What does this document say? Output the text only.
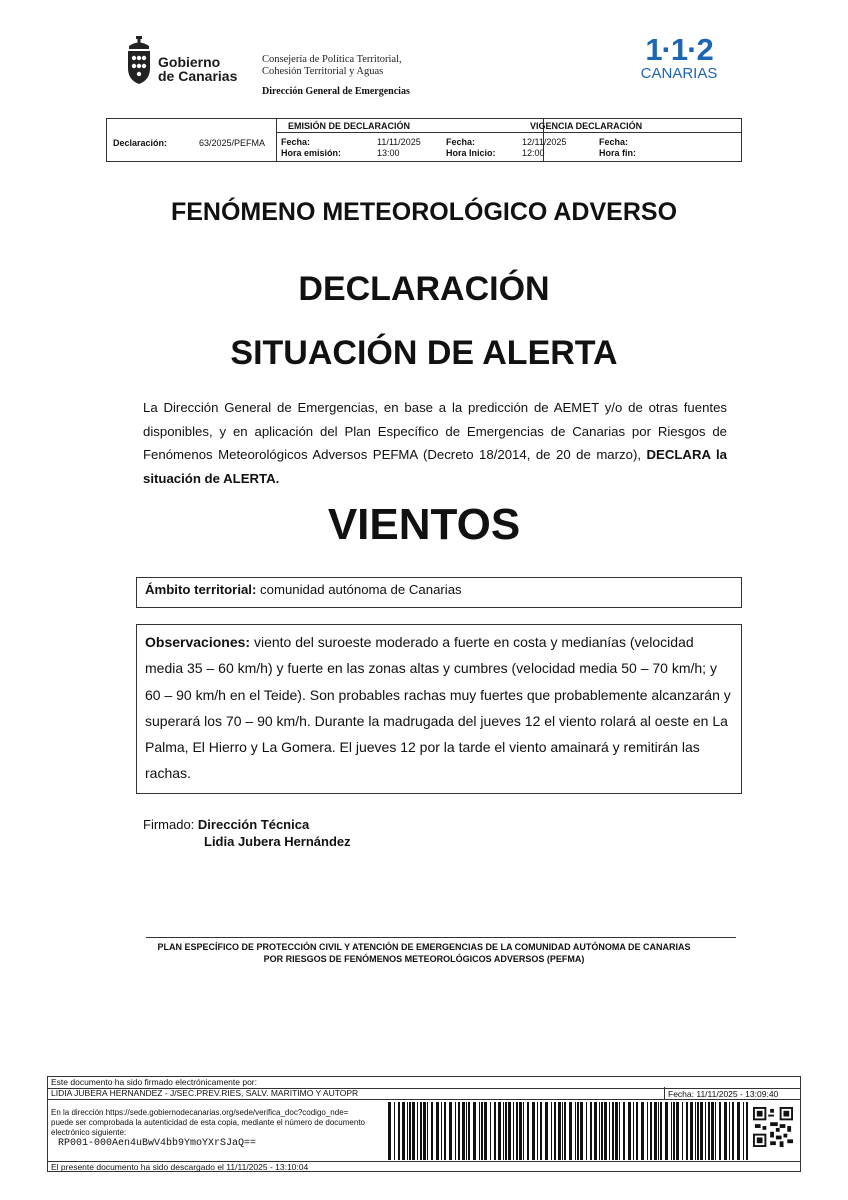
Gobierno
de Canarias
Consejería de Política Territorial,
Cohesión Territorial y Aguas
Dirección General de Emergencias
1·1·2
CANARIAS
Declaración:	63/2025/PEFMA
EMISIÓN DE DECLARACIÓN
Fecha:	11/11/2025
Hora emisión:	13:00
VIGENCIA DECLARACIÓN
Fecha:	12/11/2025
Hora Inicio:	12:00
Fecha:
Hora fin:
FENÓMENO METEOROLÓGICO ADVERSO
DECLARACIÓN
SITUACIÓN DE ALERTA
La Dirección General de Emergencias, en base a la predicción de AEMET y/o de otras fuentes disponibles, y en aplicación del Plan Específico de Emergencias de Canarias por Riesgos de Fenómenos Meteorológicos Adversos PEFMA (Decreto 18/2014, de 20 de marzo), DECLARA la situación de ALERTA.
VIENTOS
Ámbito territorial: comunidad autónoma de Canarias
Observaciones: viento del suroeste moderado a fuerte en costa y medianías (velocidad media 35 – 60 km/h) y fuerte en las zonas altas y cumbres (velocidad media 50 – 70 km/h; y 60 – 90 km/h en el Teide). Son probables rachas muy fuertes que probablemente alcanzarán y superará los 70 – 90 km/h. Durante la madrugada del jueves 12 el viento rolará al oeste en La Palma, El Hierro y La Gomera. El jueves 12 por la tarde el viento amainará y remitirán las rachas.
Firmado: Dirección Técnica
Lidia Jubera Hernández
PLAN ESPECÍFICO DE PROTECCIÓN CIVIL Y ATENCIÓN DE EMERGENCIAS DE LA COMUNIDAD AUTÓNOMA DE CANARIAS
POR RIESGOS DE FENÓMENOS METEOROLÓGICOS ADVERSOS (PEFMA)
Este documento ha sido firmado electrónicamente por:
LIDIA JUBERA HERNANDEZ - J/SEC.PREV.RIES, SALV. MARITIMO Y AUTOPR	Fecha: 11/11/2025 - 13:09:40
En la dirección https://sede.gobiernodecanarias.org/sede/verifica_doc?codigo_nde= puede ser comprobada la autenticidad de esta copia, mediante el número de documento electrónico siguiente:
RP001-000Aen4uBwV4bb9YmoYXrSJaQ==
El presente documento ha sido descargado el 11/11/2025 - 13:10:04
